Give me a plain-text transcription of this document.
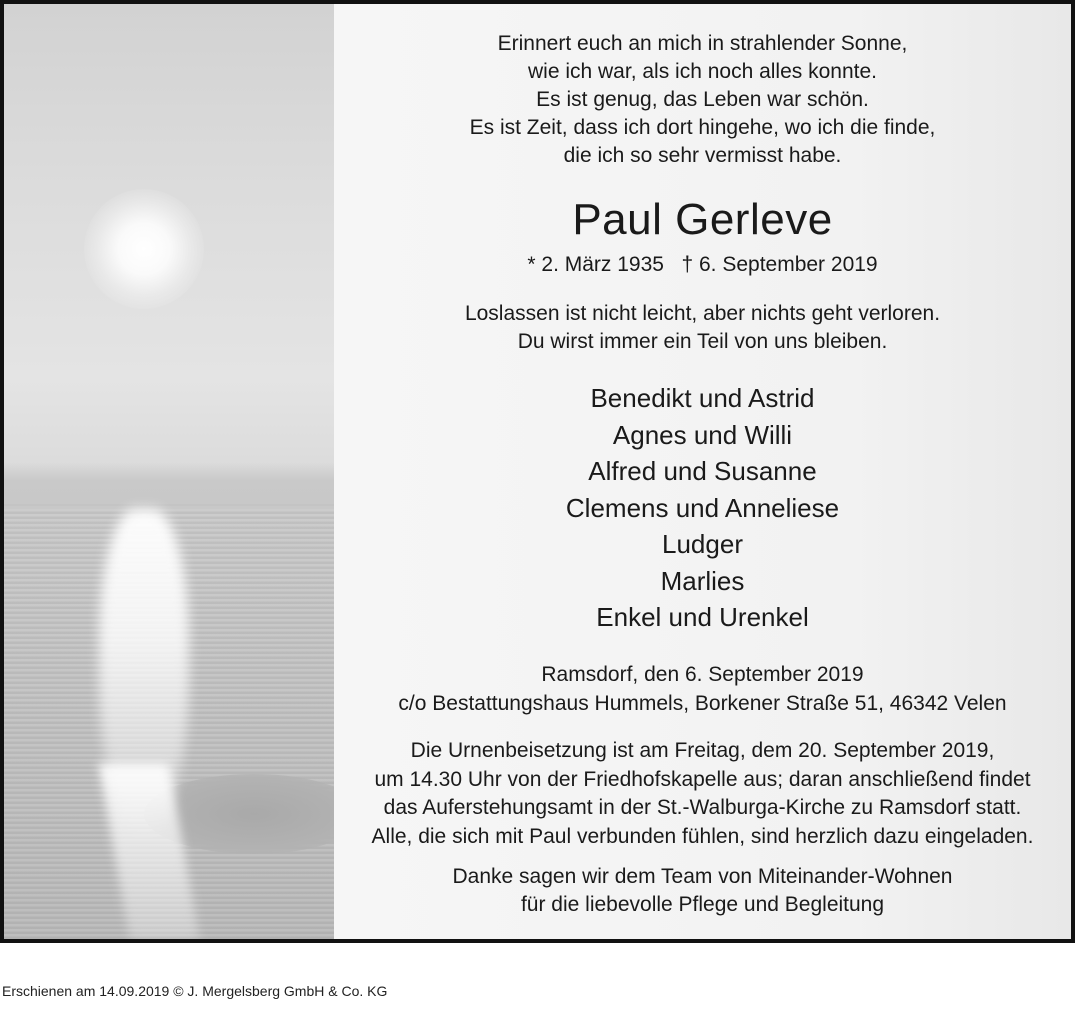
Erinnert euch an mich in strahlender Sonne,
wie ich war, als ich noch alles konnte.
Es ist genug, das Leben war schön.
Es ist Zeit, dass ich dort hingehe, wo ich die finde,
die ich so sehr vermisst habe.
Paul Gerleve
* 2. März 1935   † 6. September 2019
Loslassen ist nicht leicht, aber nichts geht verloren.
Du wirst immer ein Teil von uns bleiben.
Benedikt und Astrid
Agnes und Willi
Alfred und Susanne
Clemens und Anneliese
Ludger
Marlies
Enkel und Urenkel
Ramsdorf, den 6. September 2019
c/o Bestattungshaus Hummels, Borkener Straße 51, 46342 Velen
Die Urnenbeisetzung ist am Freitag, dem 20. September 2019,
um 14.30 Uhr von der Friedhofskapelle aus; daran anschließend findet
das Auferstehungsamt in der St.-Walburga-Kirche zu Ramsdorf statt.
Alle, die sich mit Paul verbunden fühlen, sind herzlich dazu eingeladen.
Danke sagen wir dem Team von Miteinander-Wohnen
für die liebevolle Pflege und Begleitung
Erschienen am 14.09.2019 © J. Mergelsberg GmbH & Co. KG
